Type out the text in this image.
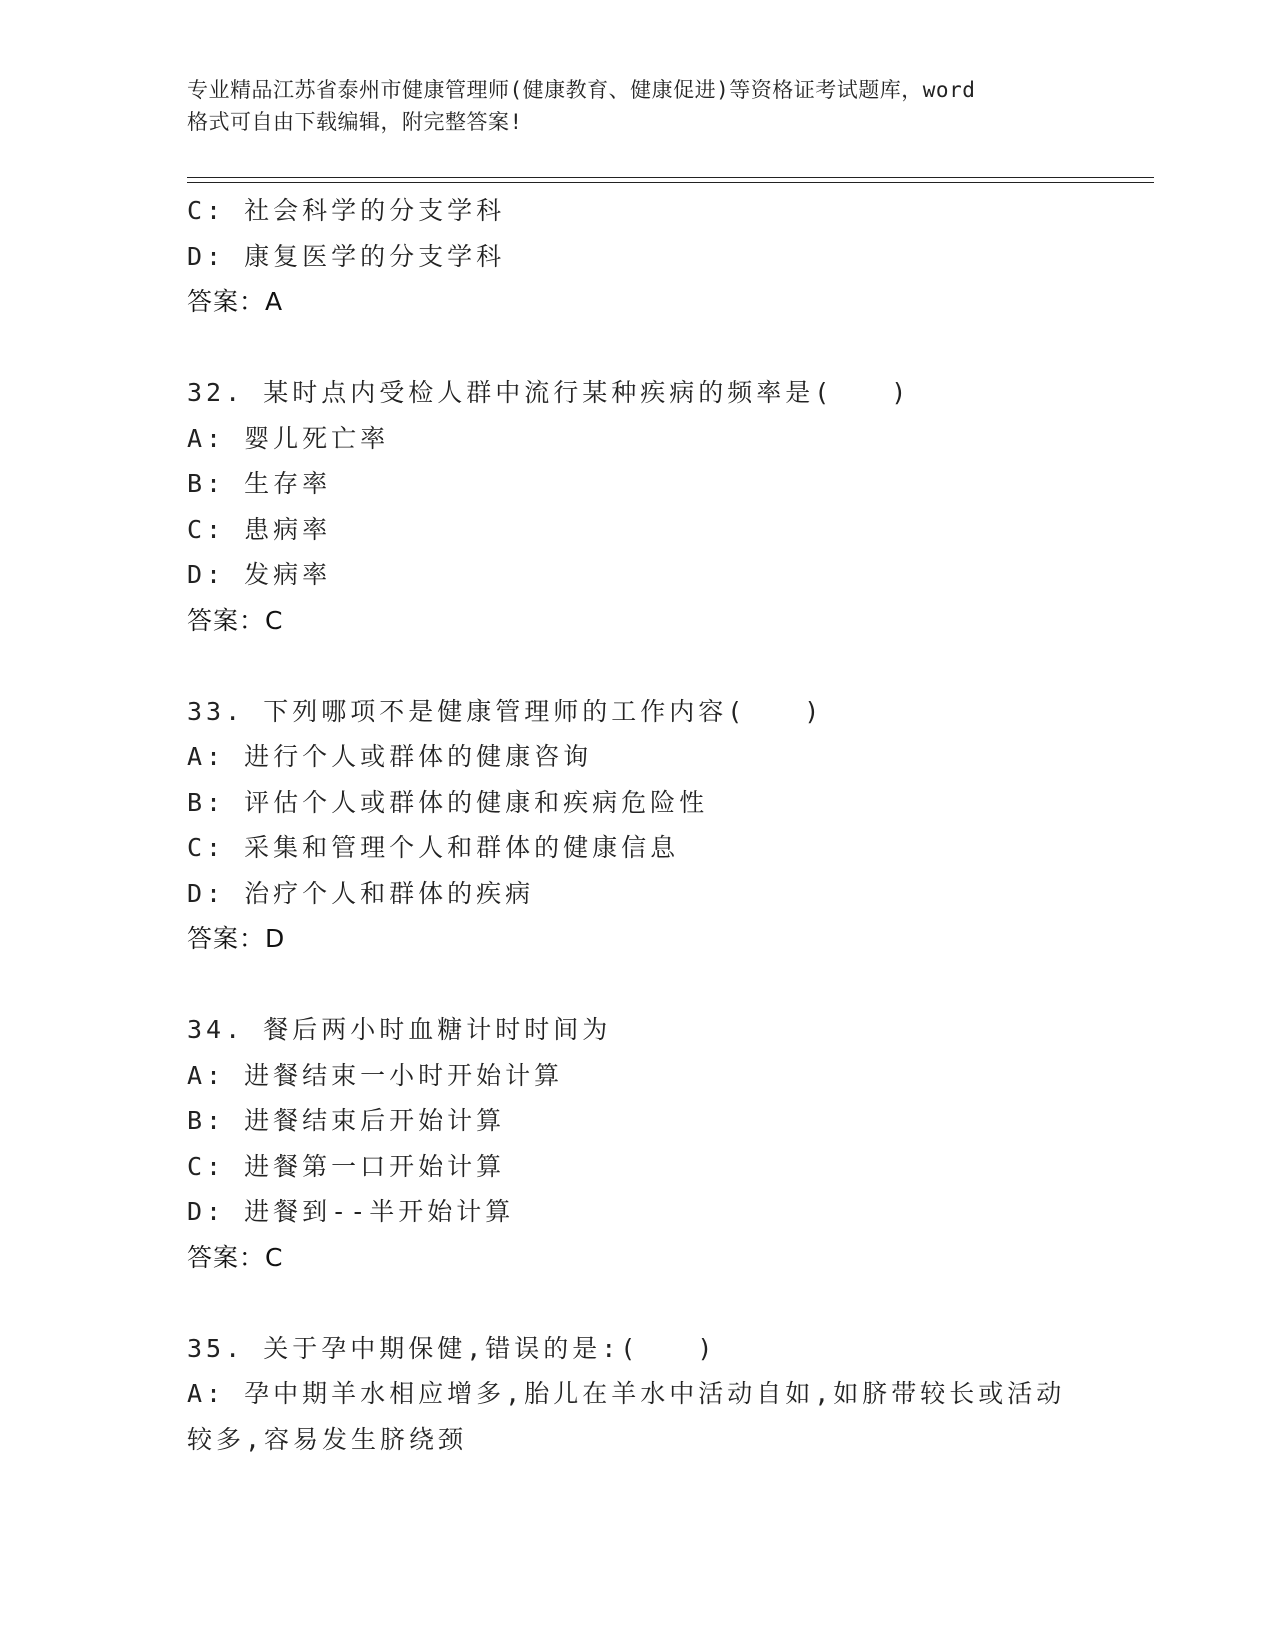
专业精品江苏省泰州市健康管理师(健康教育、健康促进)等资格证考试题库，word
格式可自由下载编辑，附完整答案!
C: 社会科学的分支学科
D: 康复医学的分支学科
答案：A
32. 某时点内受检人群中流行某种疾病的频率是(　　)
A: 婴儿死亡率
B: 生存率
C: 患病率
D: 发病率
答案：C
33. 下列哪项不是健康管理师的工作内容(　　)
A: 进行个人或群体的健康咨询
B: 评估个人或群体的健康和疾病危险性
C: 采集和管理个人和群体的健康信息
D: 治疗个人和群体的疾病
答案：D
34. 餐后两小时血糖计时时间为
A: 进餐结束一小时开始计算
B: 进餐结束后开始计算
C: 进餐第一口开始计算
D: 进餐到--半开始计算
答案：C
35. 关于孕中期保健,错误的是:(　　)
A: 孕中期羊水相应增多,胎儿在羊水中活动自如,如脐带较长或活动较多,容易发生脐绕颈
